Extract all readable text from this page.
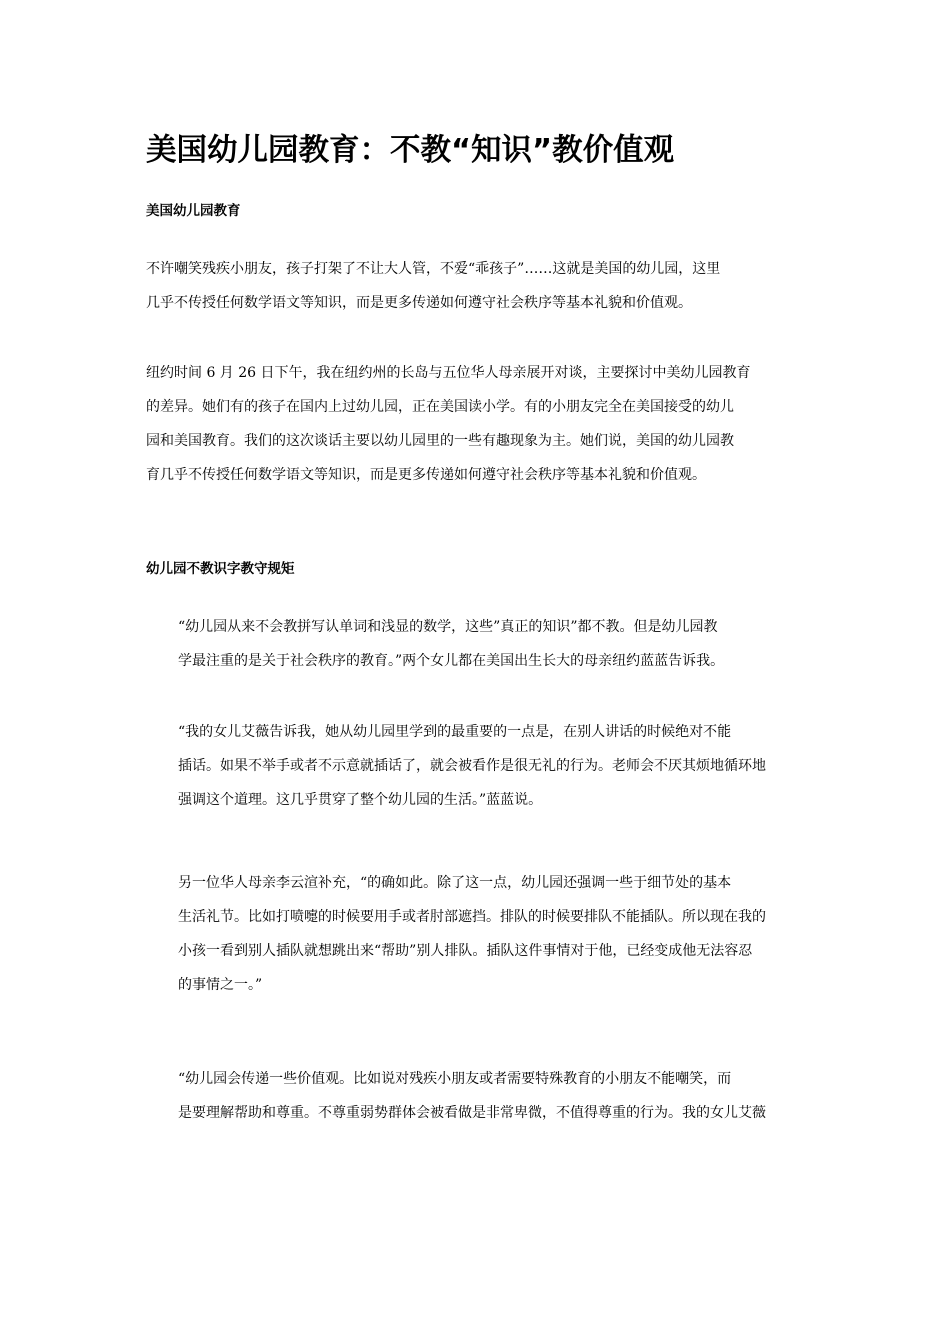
美国幼儿园教育：不教“知识”教价值观
美国幼儿园教育

不许嘲笑残疾小朋友，孩子打架了不让大人管，不爱“乖孩子”……这就是美国的幼儿园，这里
几乎不传授任何数学语文等知识，而是更多传递如何遵守社会秩序等基本礼貌和价值观。

纽约时间 6 月 26 日下午，我在纽约州的长岛与五位华人母亲展开对谈，主要探讨中美幼儿园教育
的差异。她们有的孩子在国内上过幼儿园，正在美国读小学。有的小朋友完全在美国接受的幼儿
园和美国教育。我们的这次谈话主要以幼儿园里的一些有趣现象为主。她们说，美国的幼儿园教
育几乎不传授任何数学语文等知识，而是更多传递如何遵守社会秩序等基本礼貌和价值观。

幼儿园不教识字教守规矩

“幼儿园从来不会教拼写认单词和浅显的数学，这些”真正的知识”都不教。但是幼儿园教
学最注重的是关于社会秩序的教育。”两个女儿都在美国出生长大的母亲纽约蓝蓝告诉我。

“我的女儿艾薇告诉我，她从幼儿园里学到的最重要的一点是，在别人讲话的时候绝对不能
插话。如果不举手或者不示意就插话了，就会被看作是很无礼的行为。老师会不厌其烦地循环地
强调这个道理。这几乎贯穿了整个幼儿园的生活。”蓝蓝说。

另一位华人母亲李云渲补充，“的确如此。除了这一点，幼儿园还强调一些于细节处的基本
生活礼节。比如打喷嚏的时候要用手或者肘部遮挡。排队的时候要排队不能插队。所以现在我的
小孩一看到别人插队就想跳出来“帮助”别人排队。插队这件事情对于他，已经变成他无法容忍
的事情之一。”

“幼儿园会传递一些价值观。比如说对残疾小朋友或者需要特殊教育的小朋友不能嘲笑，而
是要理解帮助和尊重。不尊重弱势群体会被看做是非常卑微，不值得尊重的行为。我的女儿艾薇
